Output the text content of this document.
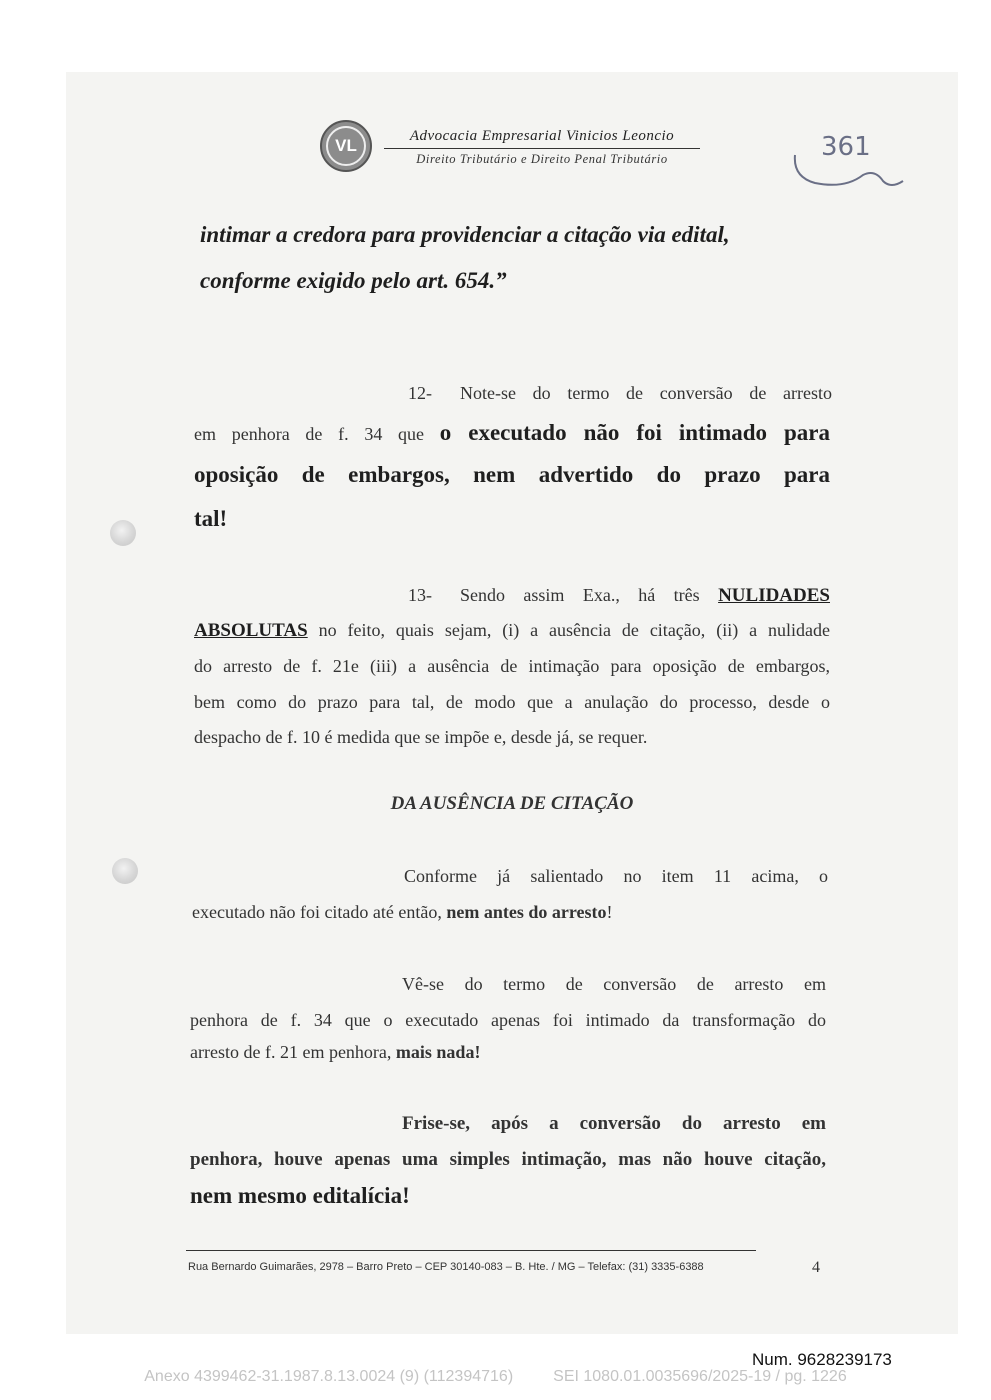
VL	Advocacia Empresarial Vinicios Leoncio
Direito Tributário e Direito Penal Tributário	361
intimar a credora para providenciar a citação via edital,
conforme exigido pelo art. 654.”
12- Note-se do termo de conversão de arresto
em penhora de f. 34 que o executado não foi intimado para
oposição de embargos, nem advertido do prazo para
tal!
13- Sendo assim Exa., há três NULIDADES
ABSOLUTAS no feito, quais sejam, (i) a ausência de citação, (ii) a nulidade
do arresto de f. 21e (iii) a ausência de intimação para oposição de embargos,
bem como do prazo para tal, de modo que a anulação do processo, desde o
despacho de f. 10 é medida que se impõe e, desde já, se requer.
DA AUSÊNCIA DE CITAÇÃO
Conforme já salientado no item 11 acima, o
executado não foi citado até então, nem antes do arresto!
Vê-se do termo de conversão de arresto em
penhora de f. 34 que o executado apenas foi intimado da transformação do
arresto de f. 21 em penhora, mais nada!
Frise-se, após a conversão do arresto em
penhora, houve apenas uma simples intimação, mas não houve citação,
nem mesmo editalícia!
Rua Bernardo Guimarães, 2978 – Barro Preto – CEP 30140-083 – B. Hte. / MG – Telefax: (31) 3335-6388	4
Num. 9628239173
Anexo 4399462-31.1987.8.13.0024 (9) (112394716)	SEI 1080.01.0035696/2025-19 / pg. 1226
